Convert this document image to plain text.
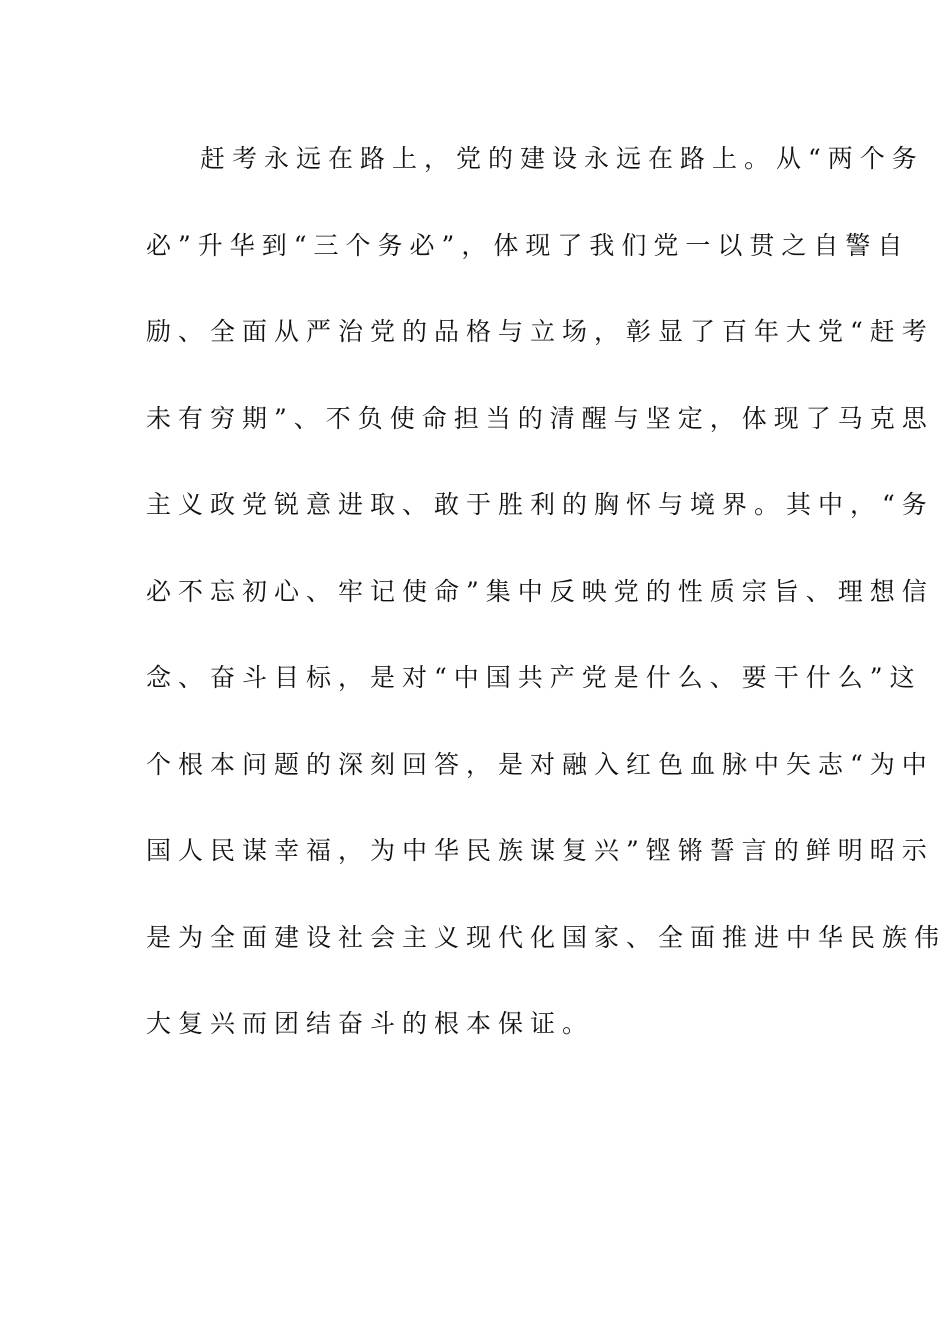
赶考永远在路上，党的建设永远在路上。从“两个务
必”升华到“三个务必”，体现了我们党一以贯之自警自
励、全面从严治党的品格与立场，彰显了百年大党“赶考
未有穷期”、不负使命担当的清醒与坚定，体现了马克思
主义政党锐意进取、敢于胜利的胸怀与境界。其中，“务
必不忘初心、牢记使命”集中反映党的性质宗旨、理想信
念、奋斗目标，是对“中国共产党是什么、要干什么”这
个根本问题的深刻回答，是对融入红色血脉中矢志“为中
国人民谋幸福，为中华民族谋复兴”铿锵誓言的鲜明昭示
是为全面建设社会主义现代化国家、全面推进中华民族伟
大复兴而团结奋斗的根本保证。
